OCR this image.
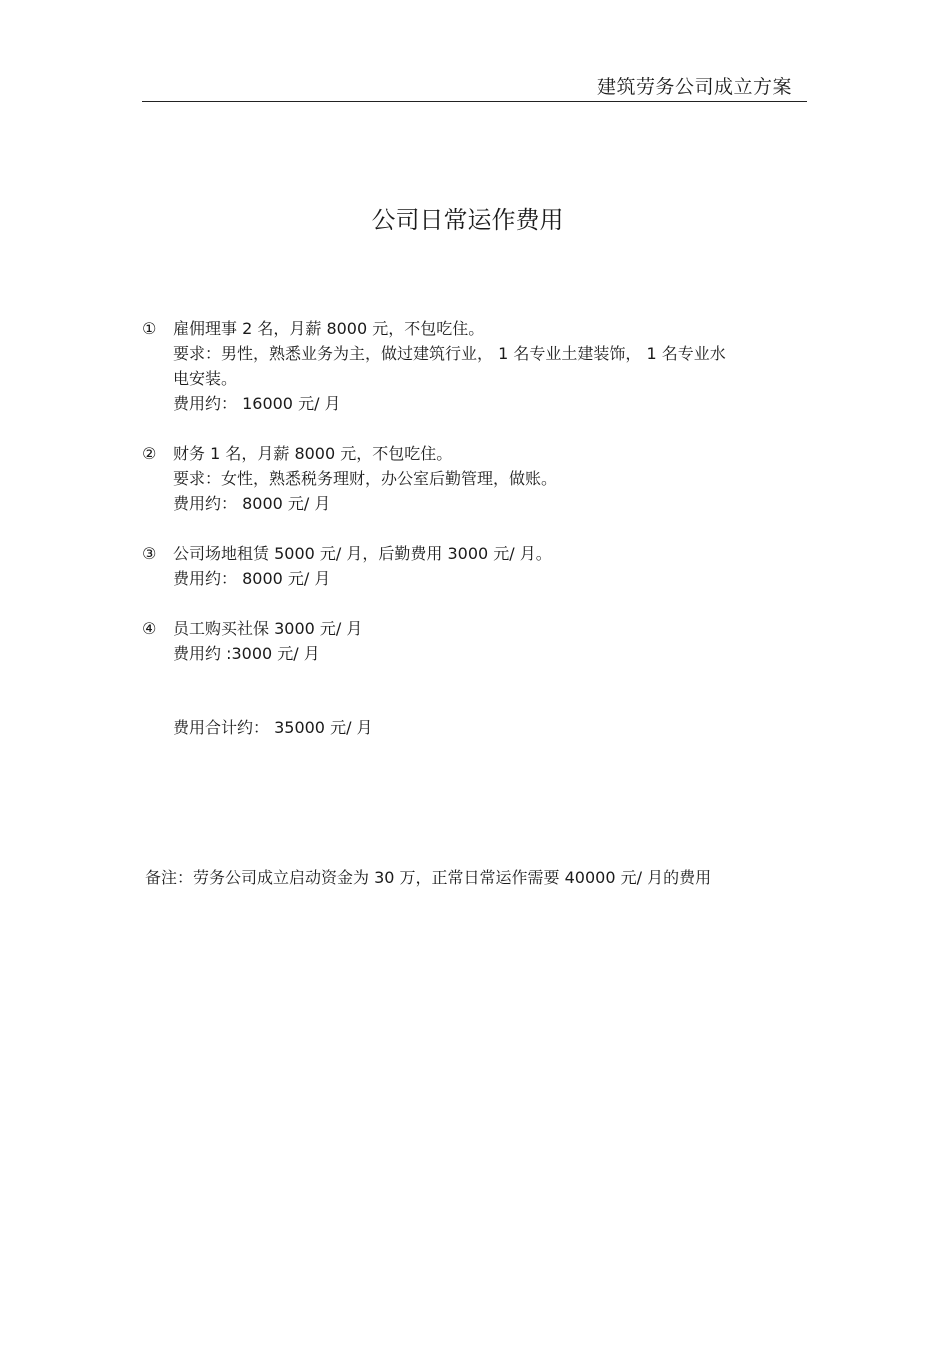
建筑劳务公司成立方案
公司日常运作费用
①	雇佣理事 2 名，月薪 8000 元，不包吃住。
要求：男性，熟悉业务为主，做过建筑行业， 1 名专业土建装饰， 1 名专业水
电安装。
费用约： 16000 元/ 月
②	财务 1 名，月薪 8000 元，不包吃住。
要求：女性，熟悉税务理财，办公室后勤管理，做账。
费用约： 8000 元/ 月
③	公司场地租赁 5000 元/ 月，后勤费用 3000 元/ 月。
费用约： 8000 元/ 月
④	员工购买社保 3000 元/ 月
费用约 :3000 元/ 月
费用合计约： 35000 元/ 月
备注：劳务公司成立启动资金为 30 万，正常日常运作需要 40000 元/ 月的费用
